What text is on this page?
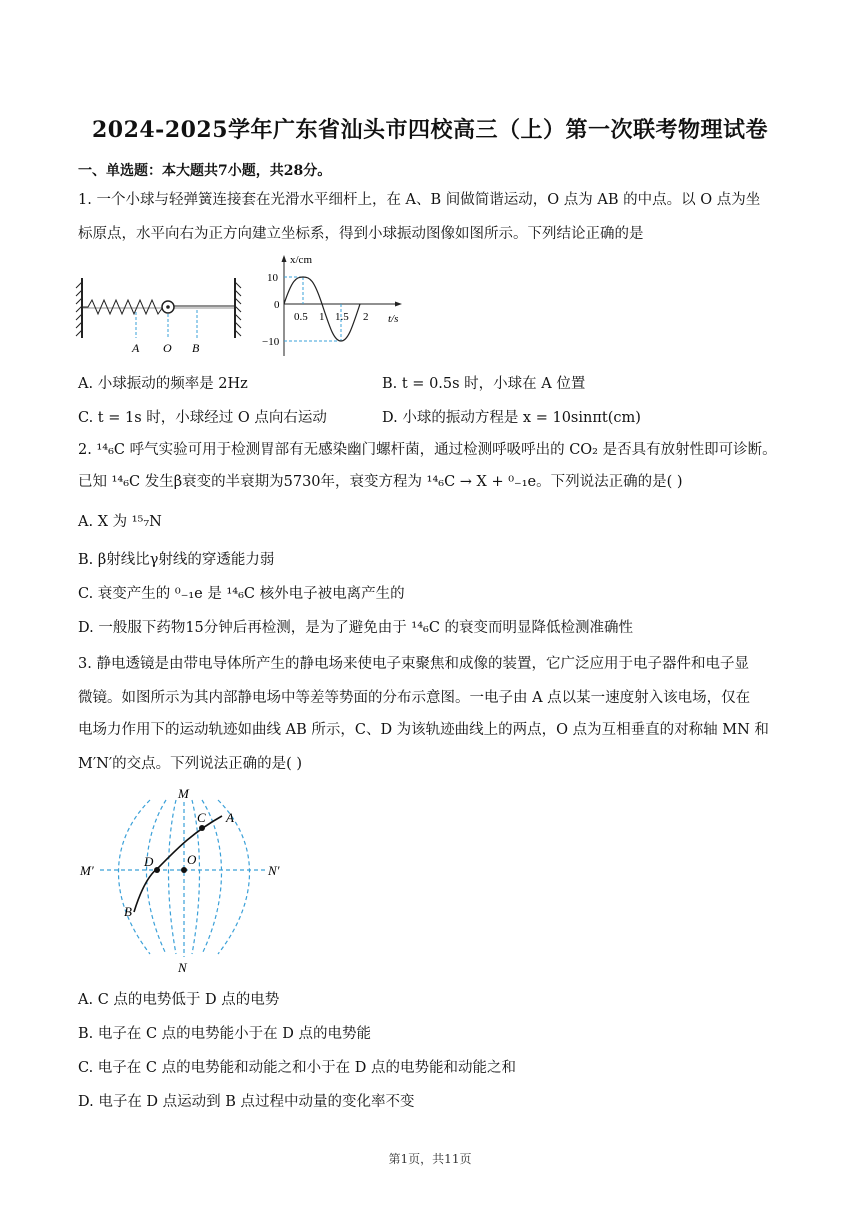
2024-2025学年广东省汕头市四校高三（上）第一次联考物理试卷
一、单选题：本大题共7小题，共28分。
1. 一个小球与轻弹簧连接套在光滑水平细杆上，在 A、B 间做简谐运动，O 点为 AB 的中点。以 O 点为坐
标原点，水平向右为正方向建立坐标系，得到小球振动图像如图所示。下列结论正确的是
A O B
x/cm
t/s
10
0
−10
0.5 1 1.5 2
A. 小球振动的频率是 2Hz	B. t = 0.5s 时，小球在 A 位置
C. t = 1s 时，小球经过 O 点向右运动	D. 小球的振动方程是 x = 10sinπt(cm)
2. ¹⁴₆C 呼气实验可用于检测胃部有无感染幽门螺杆菌，通过检测呼吸呼出的 CO₂ 是否具有放射性即可诊断。
已知 ¹⁴₆C 发生β衰变的半衰期为5730年，衰变方程为 ¹⁴₆C → X + ⁰₋₁e。下列说法正确的是( )
A. X 为 ¹⁵₇N
B. β射线比γ射线的穿透能力弱
C. 衰变产生的 ⁰₋₁e 是 ¹⁴₆C 核外电子被电离产生的
D. 一般服下药物15分钟后再检测，是为了避免由于 ¹⁴₆C 的衰变而明显降低检测准确性
3. 静电透镜是由带电导体所产生的静电场来使电子束聚焦和成像的装置，它广泛应用于电子器件和电子显
微镜。如图所示为其内部静电场中等差等势面的分布示意图。一电子由 A 点以某一速度射入该电场，仅在
电场力作用下的运动轨迹如曲线 AB 所示，C、D 为该轨迹曲线上的两点，O 点为互相垂直的对称轴 MN 和
M′N′的交点。下列说法正确的是( )
M
N
M′	N′
A
B
C
D	O
A. C 点的电势低于 D 点的电势
B. 电子在 C 点的电势能小于在 D 点的电势能
C. 电子在 C 点的电势能和动能之和小于在 D 点的电势能和动能之和
D. 电子在 D 点运动到 B 点过程中动量的变化率不变
第1页，共11页
